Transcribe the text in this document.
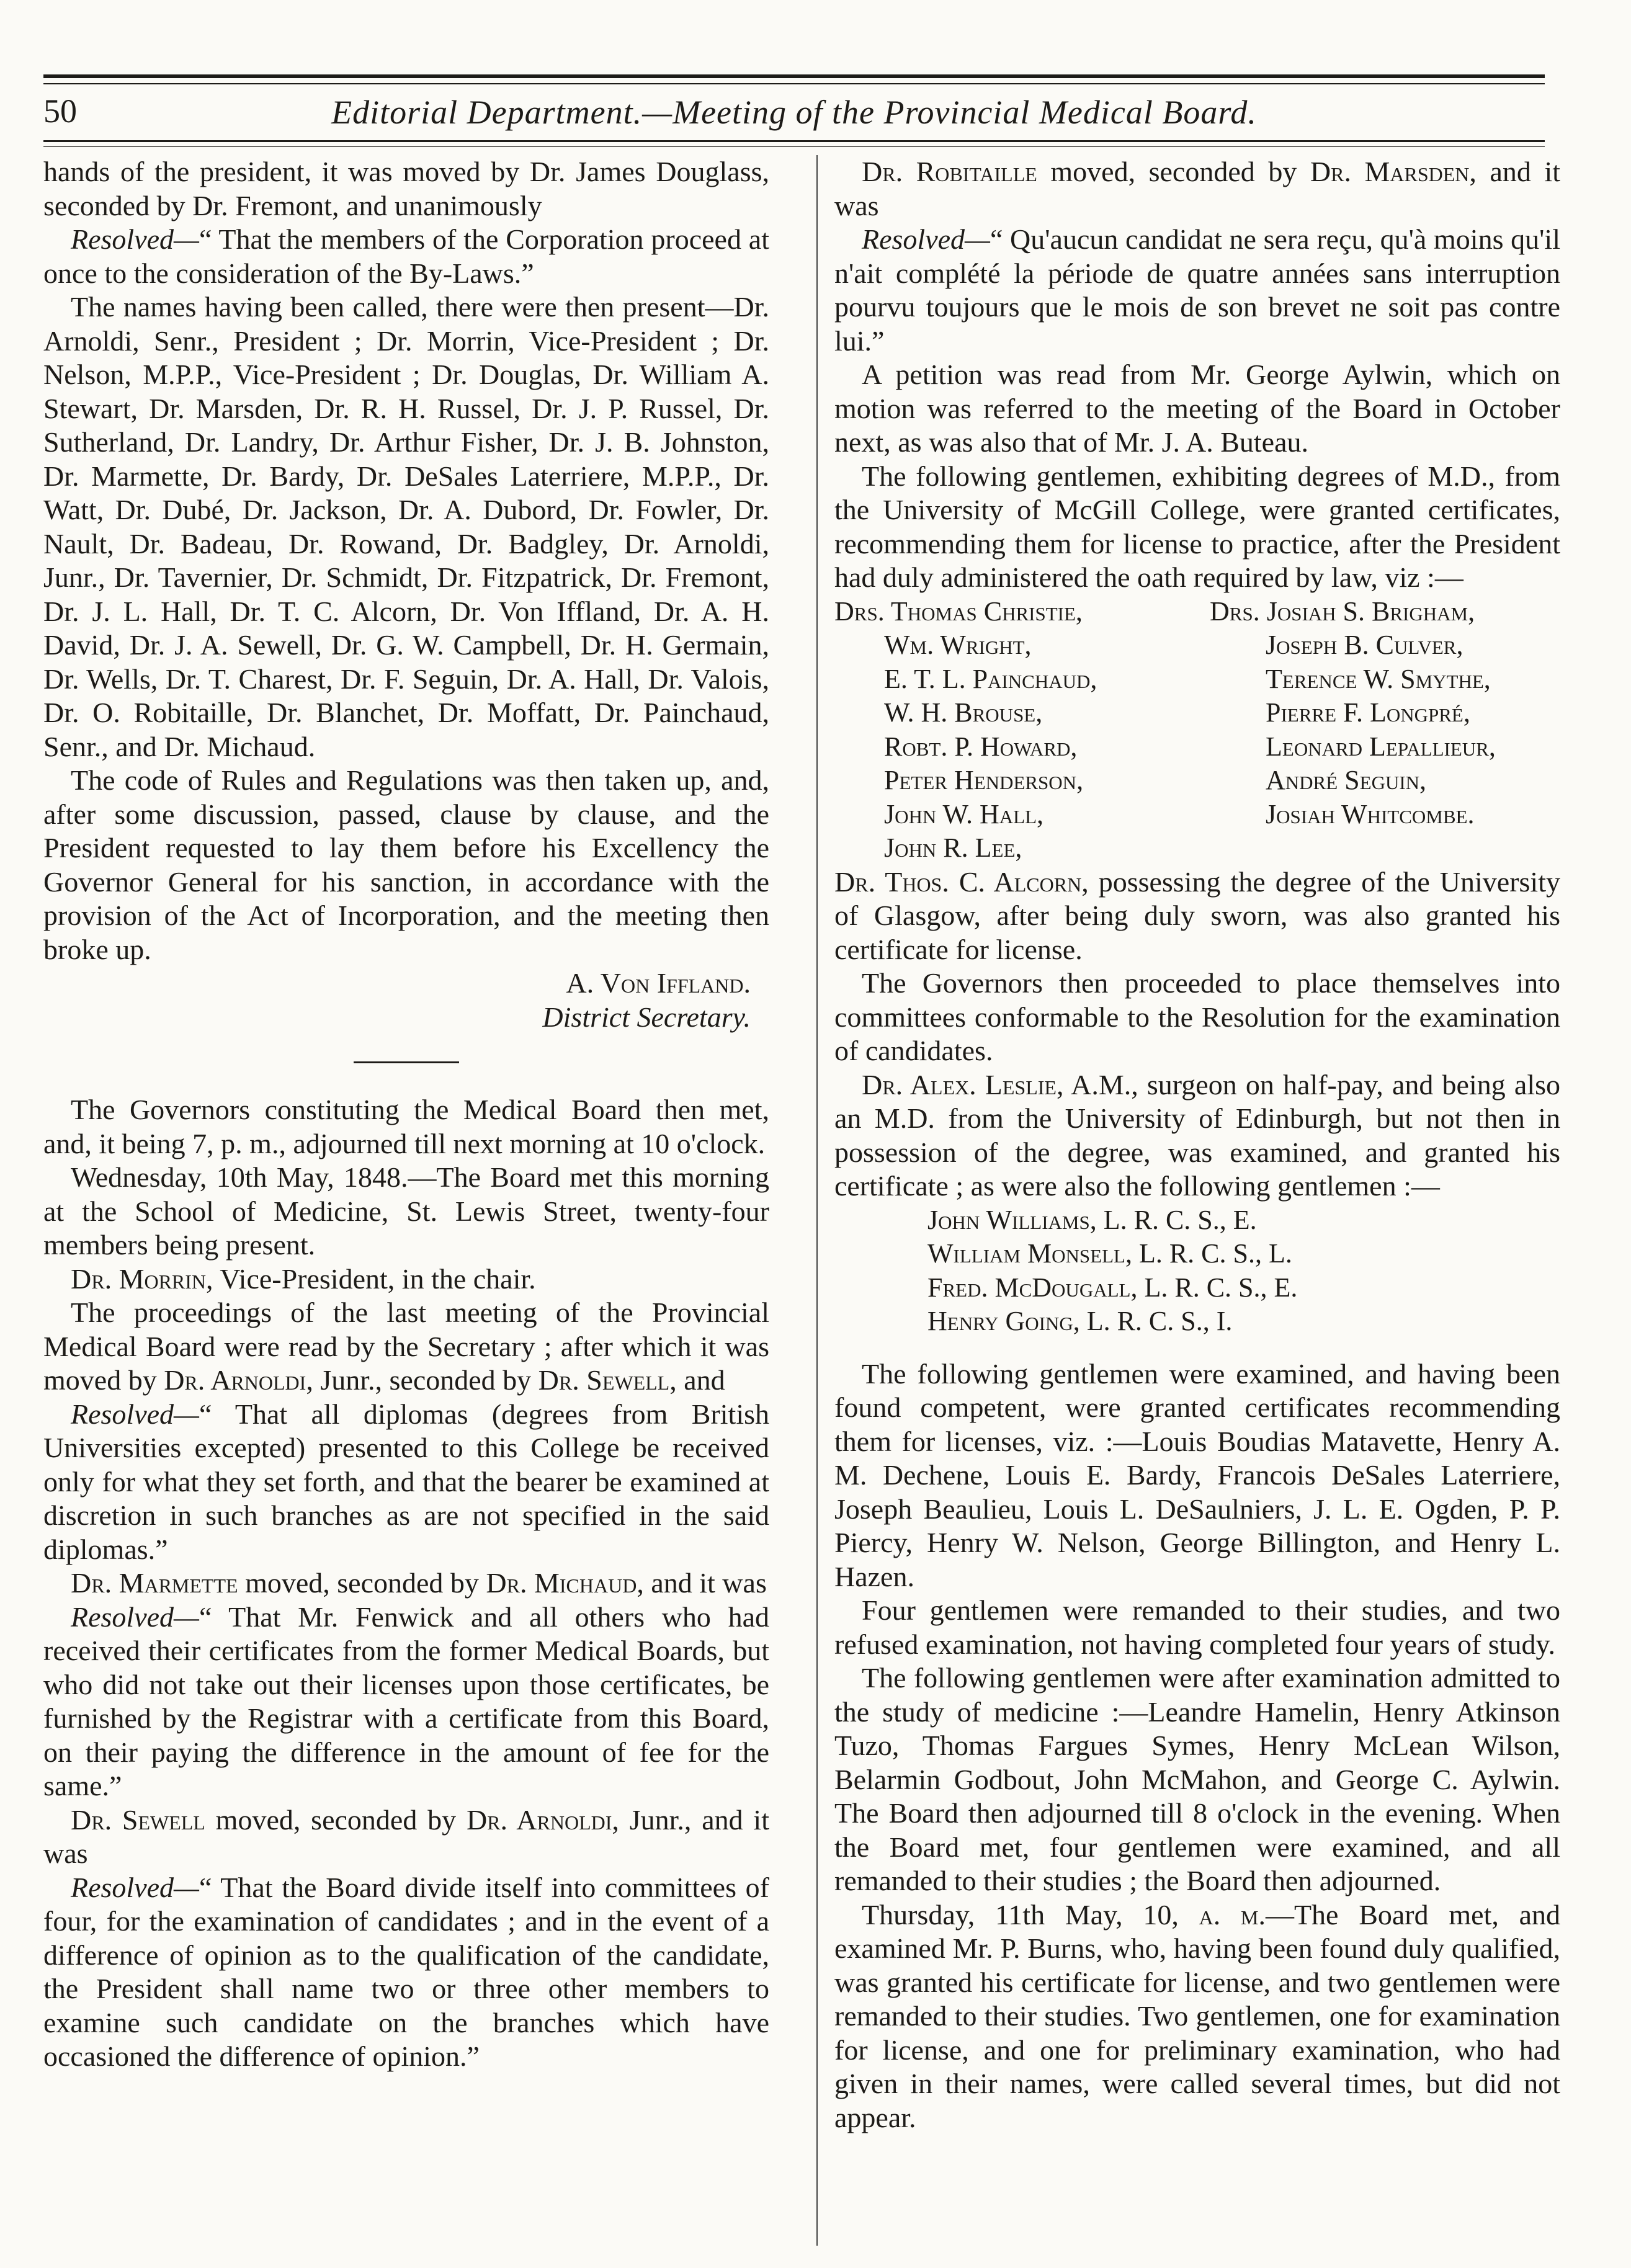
50	Editorial Department.—Meeting of the Provincial Medical Board.

hands of the president, it was moved by Dr. James Douglass, seconded by Dr. Fremont, and unanimously

Resolved—“ That the members of the Corporation proceed at once to the consideration of the By-Laws.”

The names having been called, there were then present—Dr. Arnoldi, Senr., President ; Dr. Morrin, Vice-President ; Dr. Nelson, M.P.P., Vice-President ; Dr. Douglas, Dr. William A. Stewart, Dr. Marsden, Dr. R. H. Russel, Dr. J. P. Russel, Dr. Sutherland, Dr. Landry, Dr. Arthur Fisher, Dr. J. B. Johnston, Dr. Marmette, Dr. Bardy, Dr. DeSales Laterriere, M.P.P., Dr. Watt, Dr. Dubé, Dr. Jackson, Dr. A. Dubord, Dr. Fowler, Dr. Nault, Dr. Badeau, Dr. Rowand, Dr. Badgley, Dr. Arnoldi, Junr., Dr. Tavernier, Dr. Schmidt, Dr. Fitzpatrick, Dr. Fremont, Dr. J. L. Hall, Dr. T. C. Alcorn, Dr. Von Iffland, Dr. A. H. David, Dr. J. A. Sewell, Dr. G. W. Campbell, Dr. H. Germain, Dr. Wells, Dr. T. Charest, Dr. F. Seguin, Dr. A. Hall, Dr. Valois, Dr. O. Robitaille, Dr. Blanchet, Dr. Moffatt, Dr. Painchaud, Senr., and Dr. Michaud.

The code of Rules and Regulations was then taken up, and, after some discussion, passed, clause by clause, and the President requested to lay them before his Excellency the Governor General for his sanction, in accordance with the provision of the Act of Incorporation, and the meeting then broke up.

A. Von Iffland.
District Secretary.

The Governors constituting the Medical Board then met, and, it being 7, p. m., adjourned till next morning at 10 o'clock.

Wednesday, 10th May, 1848.—The Board met this morning at the School of Medicine, St. Lewis Street, twenty-four members being present.

Dr. Morrin, Vice-President, in the chair.

The proceedings of the last meeting of the Provincial Medical Board were read by the Secretary ; after which it was moved by Dr. Arnoldi, Junr., seconded by Dr. Sewell, and

Resolved—“ That all diplomas (degrees from British Universities excepted) presented to this College be received only for what they set forth, and that the bearer be examined at discretion in such branches as are not specified in the said diplomas.”

Dr. Marmette moved, seconded by Dr. Michaud, and it was

Resolved—“ That Mr. Fenwick and all others who had received their certificates from the former Medical Boards, but who did not take out their licenses upon those certificates, be furnished by the Registrar with a certificate from this Board, on their paying the difference in the amount of fee for the same.”

Dr. Sewell moved, seconded by Dr. Arnoldi, Junr., and it was

Resolved—“ That the Board divide itself into committees of four, for the examination of candidates ; and in the event of a difference of opinion as to the qualification of the candidate, the President shall name two or three other members to examine such candidate on the branches which have occasioned the difference of opinion.”

Dr. Robitaille moved, seconded by Dr. Marsden, and it was

Resolved—“ Qu'aucun candidat ne sera reçu, qu'à moins qu'il n'ait complété la période de quatre années sans interruption pourvu toujours que le mois de son brevet ne soit pas contre lui.”

A petition was read from Mr. George Aylwin, which on motion was referred to the meeting of the Board in October next, as was also that of Mr. J. A. Buteau.

The following gentlemen, exhibiting degrees of M.D., from the University of McGill College, were granted certificates, recommending them for license to practice, after the President had duly administered the oath required by law, viz :—

Drs. Thomas Christie,
Wm. Wright,
E. T. L. Painchaud,
W. H. Brouse,
Robt. P. Howard,
Peter Henderson,
John W. Hall,
John R. Lee,
Drs. Josiah S. Brigham,
Joseph B. Culver,
Terence W. Smythe,
Pierre F. Longpré,
Leonard Lepallieur,
André Seguin,
Josiah Whitcombe.

Dr. Thos. C. Alcorn, possessing the degree of the University of Glasgow, after being duly sworn, was also granted his certificate for license.

The Governors then proceeded to place themselves into committees conformable to the Resolution for the examination of candidates.

Dr. Alex. Leslie, A.M., surgeon on half-pay, and being also an M.D. from the University of Edinburgh, but not then in possession of the degree, was examined, and granted his certificate ; as were also the following gentlemen :—

John Williams, L. R. C. S., E.
William Monsell, L. R. C. S., L.
Fred. McDougall, L. R. C. S., E.
Henry Going, L. R. C. S., I.

The following gentlemen were examined, and having been found competent, were granted certificates recommending them for licenses, viz. :—Louis Boudias Matavette, Henry A. M. Dechene, Louis E. Bardy, Francois DeSales Laterriere, Joseph Beaulieu, Louis L. DeSaulniers, J. L. E. Ogden, P. P. Piercy, Henry W. Nelson, George Billington, and Henry L. Hazen.

Four gentlemen were remanded to their studies, and two refused examination, not having completed four years of study.

The following gentlemen were after examination admitted to the study of medicine :—Leandre Hamelin, Henry Atkinson Tuzo, Thomas Fargues Symes, Henry McLean Wilson, Belarmin Godbout, John McMahon, and George C. Aylwin. The Board then adjourned till 8 o'clock in the evening. When the Board met, four gentlemen were examined, and all remanded to their studies ; the Board then adjourned.

Thursday, 11th May, 10, a. m.—The Board met, and examined Mr. P. Burns, who, having been found duly qualified, was granted his certificate for license, and two gentlemen were remanded to their studies. Two gentlemen, one for examination for license, and one for preliminary examination, who had given in their names, were called several times, but did not appear.
